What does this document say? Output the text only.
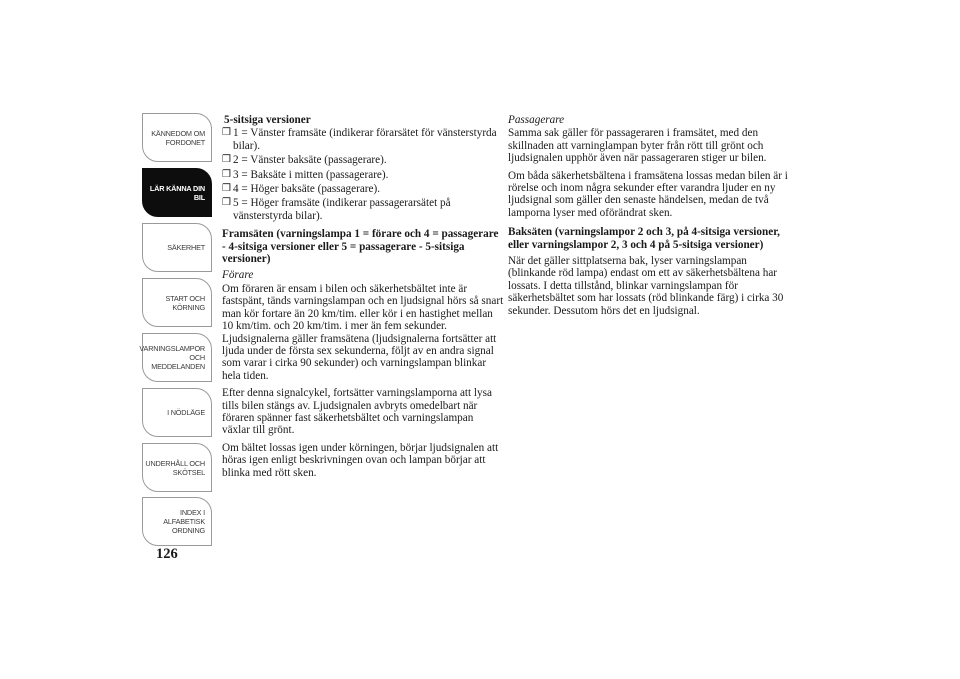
KÄNNEDOM OM
FORDONET
LÄR KÄNNA DIN
BIL
SÄKERHET
START OCH
KÖRNING
VARNINGSLAMPOR
OCH
MEDDELANDEN
I NÖDLÄGE
UNDERHÅLL OCH
SKÖTSEL
INDEX I
ALFABETISK
ORDNING
126

5-sitsiga versioner

❒ 1 = Vänster framsäte (indikerar förarsätet för vänsterstyrda bilar).
❒ 2 = Vänster baksäte (passagerare).
❒ 3 = Baksäte i mitten (passagerare).
❒ 4 = Höger baksäte (passagerare).
❒ 5 = Höger framsäte (indikerar passagerarsätet på vänsterstyrda bilar).

Framsäten (varningslampa 1 = förare och 4 = passagerare - 4-sitsiga versioner eller 5 = passagerare - 5-sitsiga versioner)

Förare

Om föraren är ensam i bilen och säkerhetsbältet inte är fastspänt, tänds varningslampan och en ljudsignal hörs så snart man kör fortare än 20 km/tim. eller kör i en hastighet mellan 10 km/tim. och 20 km/tim. i mer än fem sekunder. Ljudsignalerna gäller framsätena (ljudsignalerna fortsätter att ljuda under de första sex sekunderna, följt av en andra signal som varar i cirka 90 sekunder) och varningslampan blinkar hela tiden.

Efter denna signalcykel, fortsätter varningslamporna att lysa tills bilen stängs av. Ljudsignalen avbryts omedelbart när föraren spänner fast säkerhetsbältet och varningslampan växlar till grönt.

Om bältet lossas igen under körningen, börjar ljudsignalen att höras igen enligt beskrivningen ovan och lampan börjar att blinka med rött sken.

Passagerare

Samma sak gäller för passageraren i framsätet, med den skillnaden att varninglampan byter från rött till grönt och ljudsignalen upphör även när passageraren stiger ur bilen.

Om båda säkerhetsbältena i framsätena lossas medan bilen är i rörelse och inom några sekunder efter varandra ljuder en ny ljudsignal som gäller den senaste händelsen, medan de två lamporna lyser med oförändrat sken.

Baksäten (varningslampor 2 och 3, på 4-sitsiga versioner, eller varningslampor 2, 3 och 4 på 5-sitsiga versioner)

När det gäller sittplatserna bak, lyser varningslampan (blinkande röd lampa) endast om ett av säkerhetsbältena har lossats. I detta tillstånd, blinkar varningslampan för säkerhetsbältet som har lossats (röd blinkande färg) i cirka 30 sekunder. Dessutom hörs det en ljudsignal.
